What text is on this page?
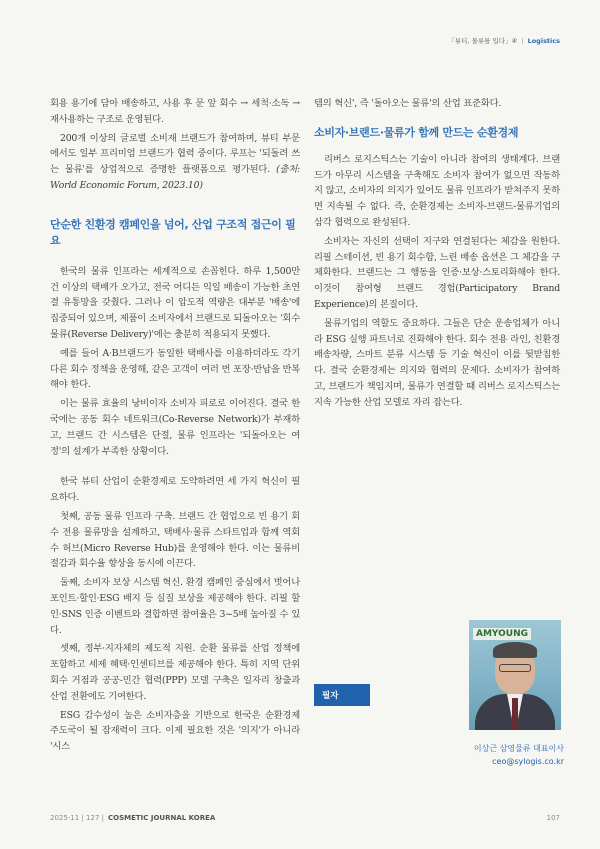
「뷰티, 물류를 입다」④ | Logistics

회용 용기에 담아 배송하고, 사용 후 문 앞 회수 → 세척·소독 → 재사용하는 구조로 운영된다.

200개 이상의 글로벌 소비재 브랜드가 참여하며, 뷰티 부문에서도 일부 프리미엄 브랜드가 협력 중이다. 루프는 '되돌려 쓰는 물류'를 상업적으로 증명한 플랫폼으로 평가된다. (출처: World Economic Forum, 2023.10)

단순한 친환경 캠페인을 넘어, 산업 구조적 접근이 필요

한국의 물류 인프라는 세계적으로 손꼽힌다. 하루 1,500만 건 이상의 택배가 오가고, 전국 어디든 익일 배송이 가능한 초연결 유통망을 갖췄다. 그러나 이 압도적 역량은 대부분 '배송'에 집중되어 있으며, 제품이 소비자에서 브랜드로 되돌아오는 '회수 물류(Reverse Delivery)'에는 충분히 적용되지 못했다.

예를 들어 A·B브랜드가 동일한 택배사를 이용하더라도 각기 다른 회수 정책을 운영해, 같은 고객이 여러 번 포장·반납을 반복해야 한다.

이는 물류 효율의 낭비이자 소비자 피로로 이어진다. 결국 한국에는 공동 회수 네트워크(Co-Reverse Network)가 부재하고, 브랜드 간 시스템은 단절, 물류 인프라는 '되돌아오는 여정'의 설계가 부족한 상황이다.

한국 뷰티 산업이 순환경제로 도약하려면 세 가지 혁신이 필요하다.

첫째, 공동 물류 인프라 구축. 브랜드 간 협업으로 빈 용기 회수 전용 물류망을 설계하고, 택배사·물류 스타트업과 함께 역회수 허브(Micro Reverse Hub)를 운영해야 한다. 이는 물류비 절감과 회수율 향상을 동시에 이끈다.

둘째, 소비자 보상 시스템 혁신. 환경 캠페인 중심에서 벗어나 포인트·할인·ESG 배지 등 실질 보상을 제공해야 한다. 리필 할인·SNS 인증 이벤트와 결합하면 참여율은 3~5배 높아질 수 있다.

셋째, 정부·지자체의 제도적 지원. 순환 물류를 산업 정책에 포함하고 세제 혜택·인센티브를 제공해야 한다. 특히 지역 단위 회수 거점과 공공-민간 협력(PPP) 모델 구축은 일자리 창출과 산업 전환에도 기여한다.

ESG 감수성이 높은 소비자층을 기반으로 한국은 순환경제 주도국이 될 잠재력이 크다. 이제 필요한 것은 '의지'가 아니라 '시스

템의 혁신', 즉 '돌아오는 물류'의 산업 표준화다.

소비자·브랜드·물류가 함께 만드는 순환경제

리버스 로지스틱스는 기술이 아니라 참여의 생태계다. 브랜드가 아무리 시스템을 구축해도 소비자 참여가 없으면 작동하지 않고, 소비자의 의지가 있어도 물류 인프라가 받쳐주지 못하면 지속될 수 없다. 즉, 순환경제는 소비자-브랜드-물류기업의 삼각 협력으로 완성된다.

소비자는 자신의 선택이 지구와 연결된다는 체감을 원한다. 리필 스테이션, 빈 용기 회수함, 느린 배송 옵션은 그 체감을 구체화한다. 브랜드는 그 행동을 인증·보상·스토리화해야 한다. 이것이 참여형 브랜드 경험(Participatory Brand Experience)의 본질이다.

물류기업의 역할도 중요하다. 그들은 단순 운송업체가 아니라 ESG 실행 파트너로 진화해야 한다. 회수 전용 라인, 친환경 배송차량, 스마트 분류 시스템 등 기술 혁신이 이를 뒷받침한다. 결국 순환경제는 의지와 협력의 문제다. 소비자가 참여하고, 브랜드가 책임지며, 물류가 연결할 때 리버스 로지스틱스는 지속 가능한 산업 모델로 자리 잡는다.

필자
AMYOUNG
이상근 삼영물류 대표이사
ceo@sylogis.co.kr
2025-11 | 127 | COSMETIC JOURNAL KOREA	107
